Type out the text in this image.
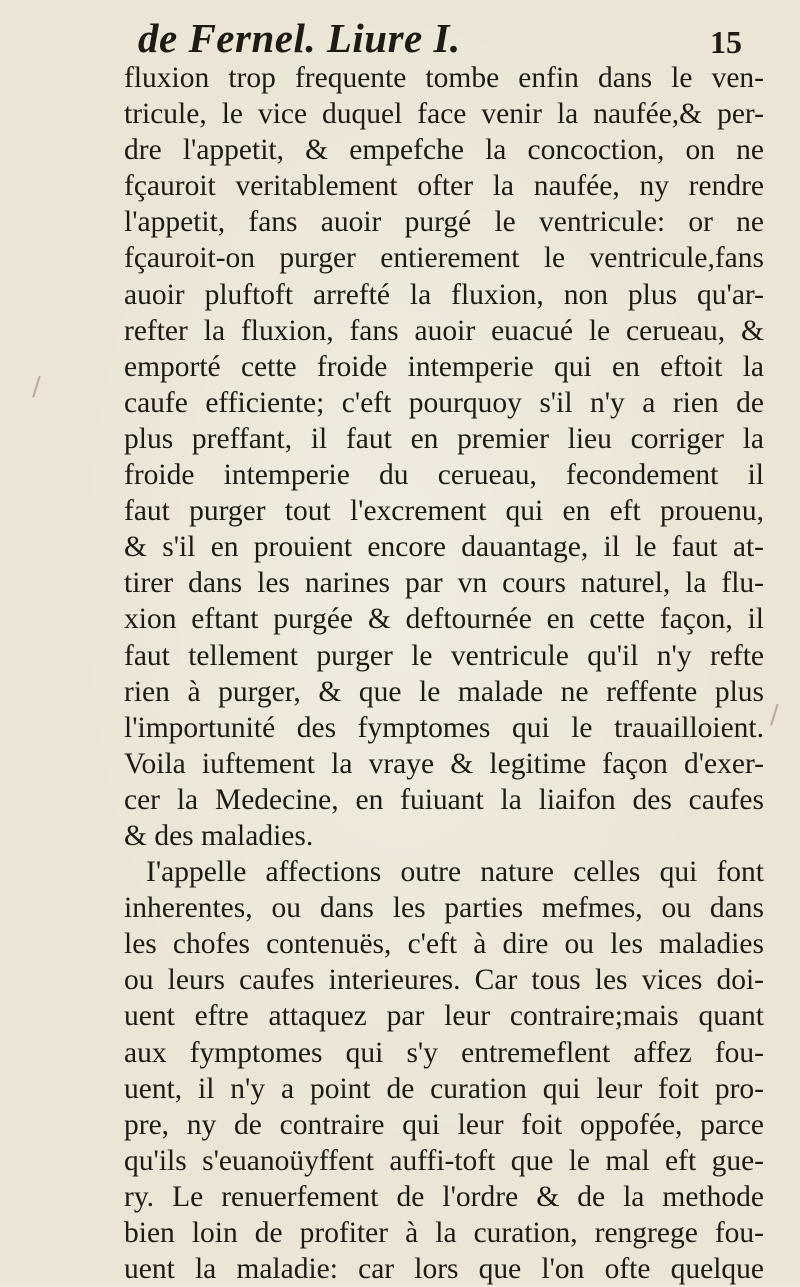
de Fernel. Liure I.	15
fluxion trop frequente tombe enfin dans le ven-
tricule, le vice duquel face venir la naufée,& per-
dre l'appetit, & empefche la concoction, on ne
fçauroit veritablement ofter la naufée, ny rendre
l'appetit, fans auoir purgé le ventricule: or ne
fçauroit-on purger entierement le ventricule,fans
auoir pluftoft arrefté la fluxion, non plus qu'ar-
refter la fluxion, fans auoir euacué le cerueau, &
emporté cette froide intemperie qui en eftoit la
caufe efficiente; c'eft pourquoy s'il n'y a rien de
plus preffant, il faut en premier lieu corriger la
froide intemperie du cerueau, fecondement il
faut purger tout l'excrement qui en eft prouenu,
& s'il en prouient encore dauantage, il le faut at-
tirer dans les narines par vn cours naturel, la flu-
xion eftant purgée & deftournée en cette façon, il
faut tellement purger le ventricule qu'il n'y refte
rien à purger, & que le malade ne reffente plus
l'importunité des fymptomes qui le trauailloient.
Voila iuftement la vraye & legitime façon d'exer-
cer la Medecine, en fuiuant la liaifon des caufes
& des maladies.
I'appelle affections outre nature celles qui font
inherentes, ou dans les parties mefmes, ou dans
les chofes contenuës, c'eft à dire ou les maladies
ou leurs caufes interieures. Car tous les vices doi-
uent eftre attaquez par leur contraire;mais quant
aux fymptomes qui s'y entremeflent affez fou-
uent, il n'y a point de curation qui leur foit pro-
pre, ny de contraire qui leur foit oppofée, parce
qu'ils s'euanoüyffent auffi-toft que le mal eft gue-
ry. Le renuerfement de l'ordre & de la methode
bien loin de profiter à la curation, rengrege fou-
uent la maladie: car lors que l'on ofte quelque
∕
∕
